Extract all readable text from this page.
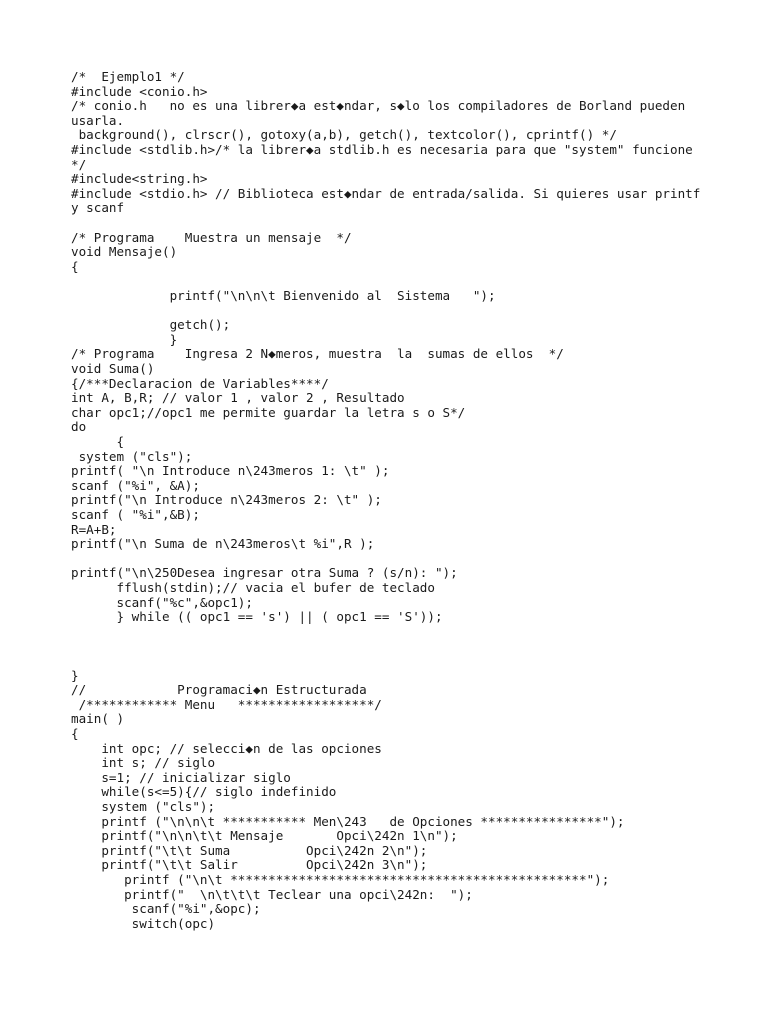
/*  Ejemplo1 */

#include <conio.h>

/* conio.h   no es una librer◆a est◆ndar, s◆lo los compiladores de Borland pueden

usarla.

background(), clrscr(), gotoxy(a,b), getch(), textcolor(), cprintf() */

#include <stdlib.h>/* la librer◆a stdlib.h es necesaria para que "system" funcione

*/

#include<string.h>

#include <stdio.h> // Biblioteca est◆ndar de entrada/salida. Si quieres usar printf

y scanf

/* Programa    Muestra un mensaje  */

void Mensaje()

{

printf("\n\n\t Bienvenido al  Sistema   ");

getch();

}

/* Programa    Ingresa 2 N◆meros, muestra  la  sumas de ellos  */

void Suma()

{/***Declaracion de Variables****/

int A, B,R; // valor 1 , valor 2 , Resultado

char opc1;//opc1 me permite guardar la letra s o S*/

do

{

system ("cls");

printf( "\n Introduce n\243meros 1: \t" );

scanf ("%i", &A);

printf("\n Introduce n\243meros 2: \t" );

scanf ( "%i",&B);

R=A+B;

printf("\n Suma de n\243meros\t %i",R );

printf("\n\250Desea ingresar otra Suma ? (s/n): ");

fflush(stdin);// vacia el bufer de teclado

scanf("%c",&opc1);

} while (( opc1 == 's') || ( opc1 == 'S'));

}

//            Programaci◆n Estructurada

/************ Menu   ******************/

main( )

{

int opc; // selecci◆n de las opciones

int s; // siglo

s=1; // inicializar siglo

while(s<=5){// siglo indefinido

system ("cls");

printf ("\n\n\t *********** Men\243   de Opciones ****************");

printf("\n\n\t\t Mensaje       Opci\242n 1\n");

printf("\t\t Suma          Opci\242n 2\n");

printf("\t\t Salir         Opci\242n 3\n");

printf ("\n\t ***********************************************");

printf("  \n\t\t\t Teclear una opci\242n:  ");

scanf("%i",&opc);

switch(opc)
